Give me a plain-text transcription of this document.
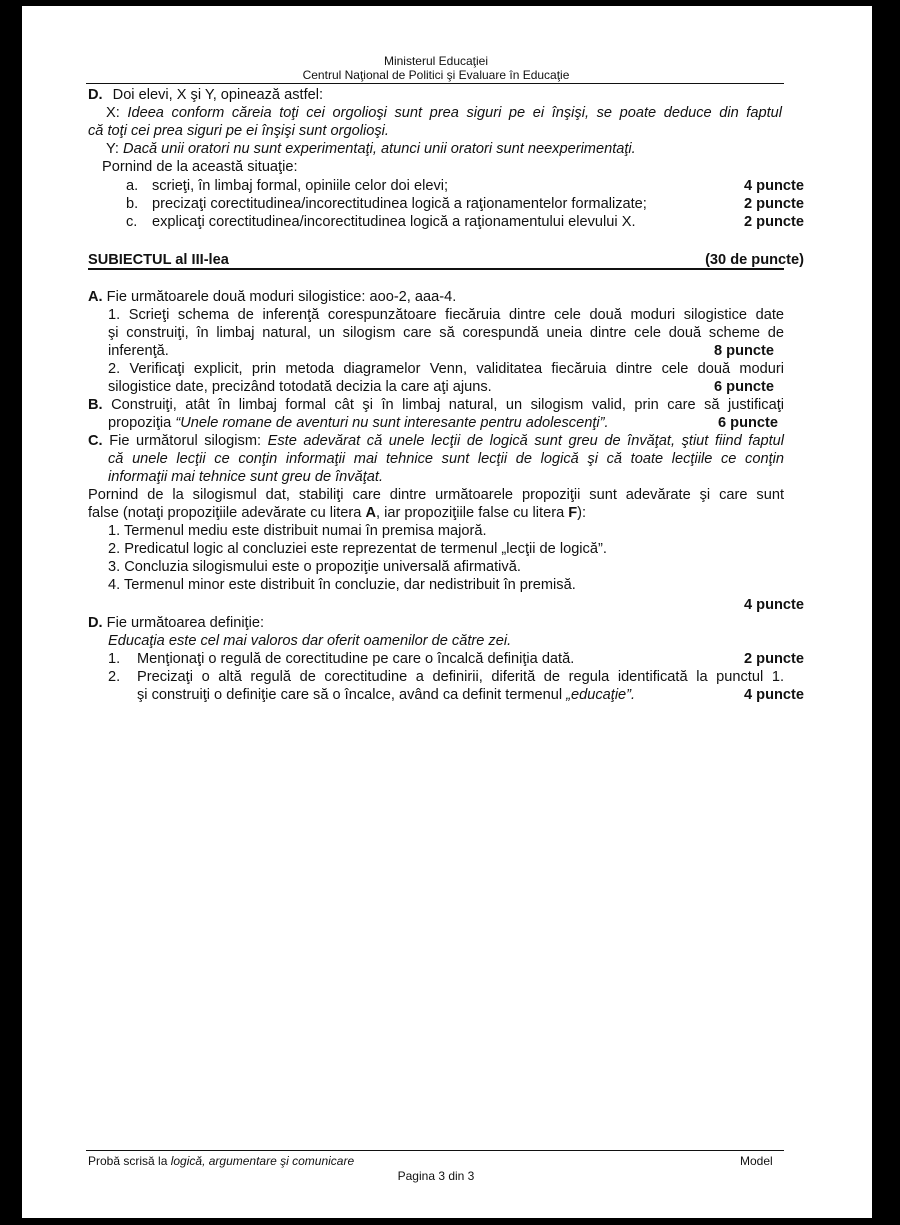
Ministerul Educaţiei
Centrul Naţional de Politici şi Evaluare în Educaţie
D. Doi elevi, X şi Y, opinează astfel:
X: Ideea conform căreia toţi cei orgolioşi sunt prea siguri pe ei înşişi, se poate deduce din faptul
că toţi cei prea siguri pe ei înşişi sunt orgolioşi.
Y: Dacă unii oratori nu sunt experimentaţi, atunci unii oratori sunt neexperimentaţi.
Pornind de la această situaţie:
a. scrieţi, în limbaj formal, opiniile celor doi elevi;	4 puncte
b. precizaţi corectitudinea/incorectitudinea logică a raţionamentelor formalizate;	2 puncte
c. explicaţi corectitudinea/incorectitudinea logică a raţionamentului elevului X.	2 puncte
SUBIECTUL al III-lea	(30 de puncte)
A. Fie următoarele două moduri silogistice: aoo-2, aaa-4.
1. Scrieţi schema de inferenţă corespunzătoare fiecăruia dintre cele două moduri silogistice date
şi construiţi, în limbaj natural, un silogism care să corespundă uneia dintre cele două scheme de
inferenţă.	8 puncte
2. Verificaţi explicit, prin metoda diagramelor Venn, validitatea fiecăruia dintre cele două moduri
silogistice date, precizând totodată decizia la care aţi ajuns.	6 puncte
B. Construiţi, atât în limbaj formal cât şi în limbaj natural, un silogism valid, prin care să justificaţi
propoziţia “Unele romane de aventuri nu sunt interesante pentru adolescenţi”.	6 puncte
C. Fie următorul silogism: Este adevărat că unele lecţii de logică sunt greu de învăţat, ştiut fiind faptul
că unele lecţii ce conţin informaţii mai tehnice sunt lecţii de logică şi că toate lecţiile ce conţin
informaţii mai tehnice sunt greu de învăţat.
Pornind de la silogismul dat, stabiliţi care dintre următoarele propoziţii sunt adevărate şi care sunt
false (notaţi propoziţiile adevărate cu litera A, iar propoziţiile false cu litera F):
1. Termenul mediu este distribuit numai în premisa majoră.
2. Predicatul logic al concluziei este reprezentat de termenul „lecţii de logică”.
3. Concluzia silogismului este o propoziţie universală afirmativă.
4. Termenul minor este distribuit în concluzie, dar nedistribuit în premisă.
4 puncte
D. Fie următoarea definiţie:
Educaţia este cel mai valoros dar oferit oamenilor de către zei.
1. Menţionaţi o regulă de corectitudine pe care o încalcă definiţia dată.	2 puncte
2. Precizaţi o altă regulă de corectitudine a definirii, diferită de regula identificată la punctul 1.
şi construiţi o definiţie care să o încalce, având ca definit termenul „educaţie”.	4 puncte
Probă scrisă la logică, argumentare şi comunicare	Model
Pagina 3 din 3
